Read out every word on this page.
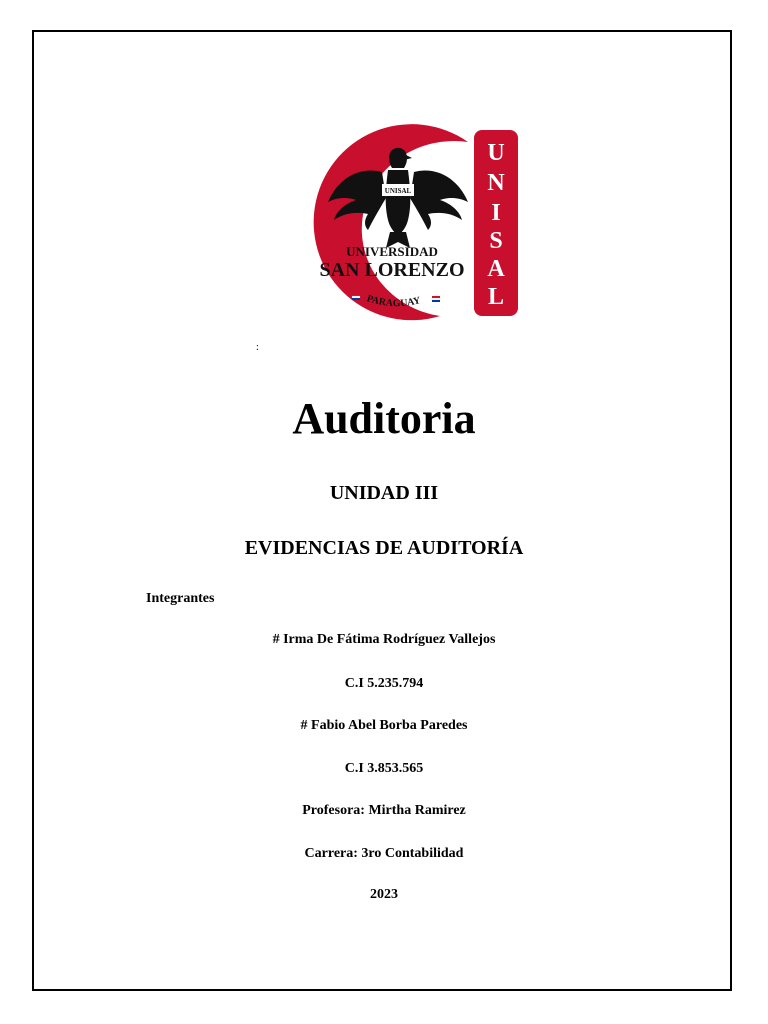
U
N
I
S
A
L
UNISAL
UNIVERSIDAD
SAN LORENZO
PARAGUAY
:
Auditoria
UNIDAD III
EVIDENCIAS DE AUDITORÍA
Integrantes
# Irma De Fátima Rodríguez Vallejos
C.I 5.235.794
# Fabio Abel Borba Paredes
C.I 3.853.565
Profesora: Mirtha Ramirez
Carrera: 3ro Contabilidad
2023
